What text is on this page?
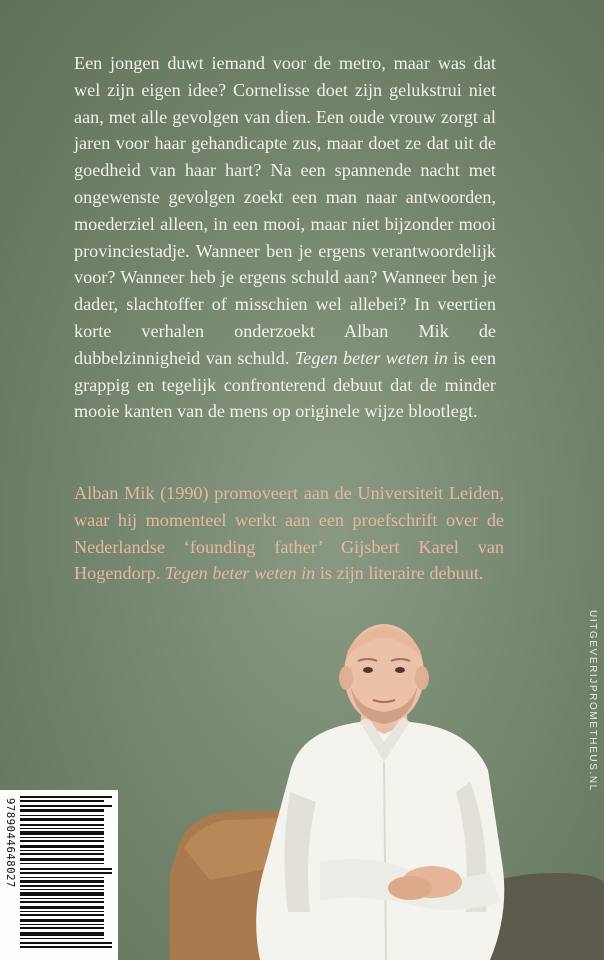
Een jongen duwt iemand voor de metro, maar was dat wel zijn eigen idee? Cornelisse doet zijn gelukstrui niet aan, met alle gevolgen van dien. Een oude vrouw zorgt al jaren voor haar gehandicapte zus, maar doet ze dat uit de goedheid van haar hart? Na een spannende nacht met ongewenste gevolgen zoekt een man naar antwoorden, moederziel alleen, in een mooi, maar niet bijzonder mooi provinciestadje. Wanneer ben je ergens verantwoordelijk voor? Wanneer heb je ergens schuld aan? Wanneer ben je dader, slachtoffer of misschien wel allebei? In veertien korte verhalen onderzoekt Alban Mik de dubbelzinnigheid van schuld. Tegen beter weten in is een grappig en tegelijk confronterend debuut dat de minder mooie kanten van de mens op originele wijze blootlegt.

Alban Mik (1990) promoveert aan de Universiteit Leiden, waar hij momenteel werkt aan een proefschrift over de Nederlandse ‘founding father’ Gijsbert Karel van Hogendorp. Tegen beter weten in is zijn literaire debuut.

UITGEVERIJPROMETHEUS.NL
9789044648027
